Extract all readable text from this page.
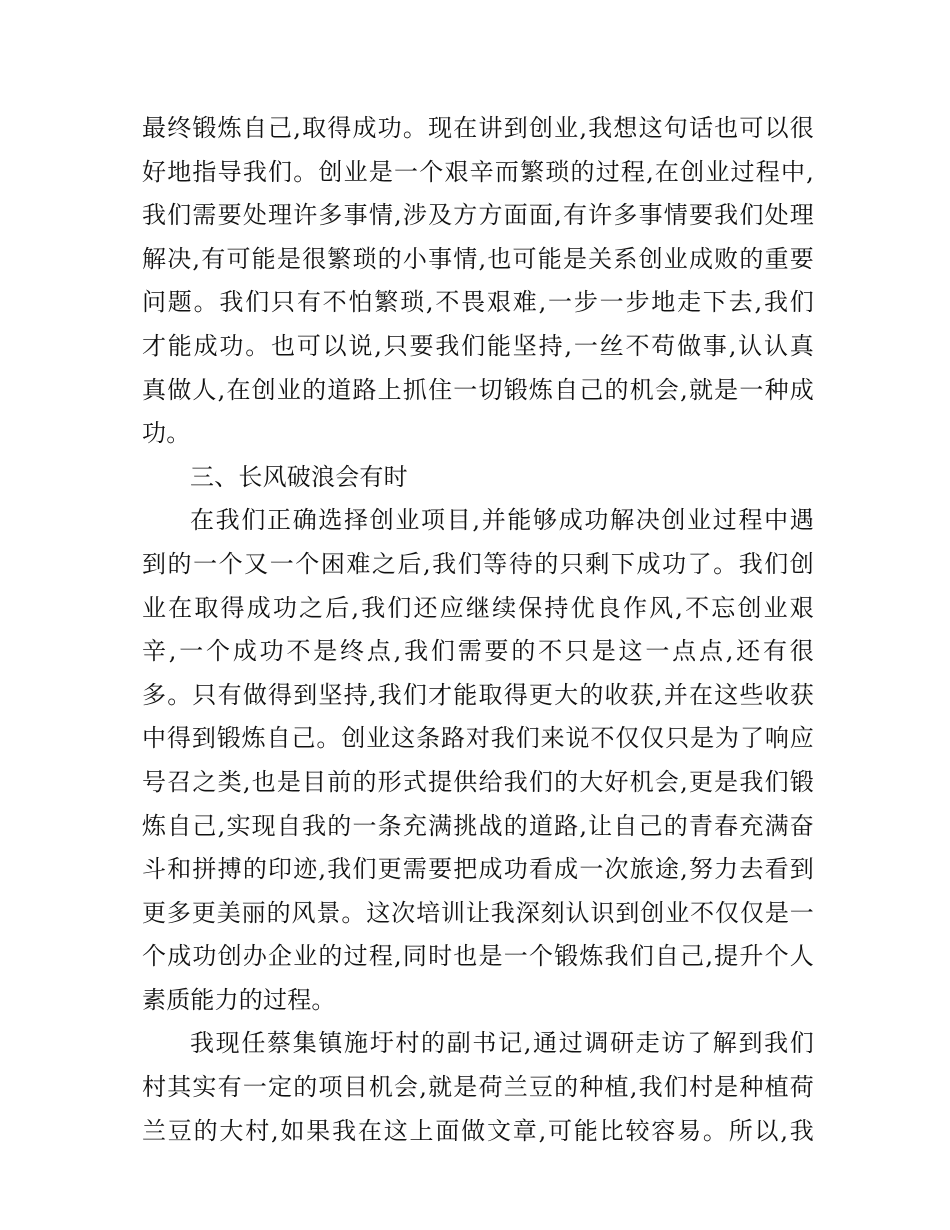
最终锻炼自己,取得成功。现在讲到创业,我想这句话也可以很
好地指导我们。创业是一个艰辛而繁琐的过程,在创业过程中,
我们需要处理许多事情,涉及方方面面,有许多事情要我们处理
解决,有可能是很繁琐的小事情,也可能是关系创业成败的重要
问题。我们只有不怕繁琐,不畏艰难,一步一步地走下去,我们
才能成功。也可以说,只要我们能坚持,一丝不苟做事,认认真
真做人,在创业的道路上抓住一切锻炼自己的机会,就是一种成
功。
三、长风破浪会有时
在我们正确选择创业项目,并能够成功解决创业过程中遇
到的一个又一个困难之后,我们等待的只剩下成功了。我们创
业在取得成功之后,我们还应继续保持优良作风,不忘创业艰
辛,一个成功不是终点,我们需要的不只是这一点点,还有很
多。只有做得到坚持,我们才能取得更大的收获,并在这些收获
中得到锻炼自己。创业这条路对我们来说不仅仅只是为了响应
号召之类,也是目前的形式提供给我们的大好机会,更是我们锻
炼自己,实现自我的一条充满挑战的道路,让自己的青春充满奋
斗和拼搏的印迹,我们更需要把成功看成一次旅途,努力去看到
更多更美丽的风景。这次培训让我深刻认识到创业不仅仅是一
个成功创办企业的过程,同时也是一个锻炼我们自己,提升个人
素质能力的过程。
我现任蔡集镇施圩村的副书记,通过调研走访了解到我们
村其实有一定的项目机会,就是荷兰豆的种植,我们村是种植荷
兰豆的大村,如果我在这上面做文章,可能比较容易。所以,我
